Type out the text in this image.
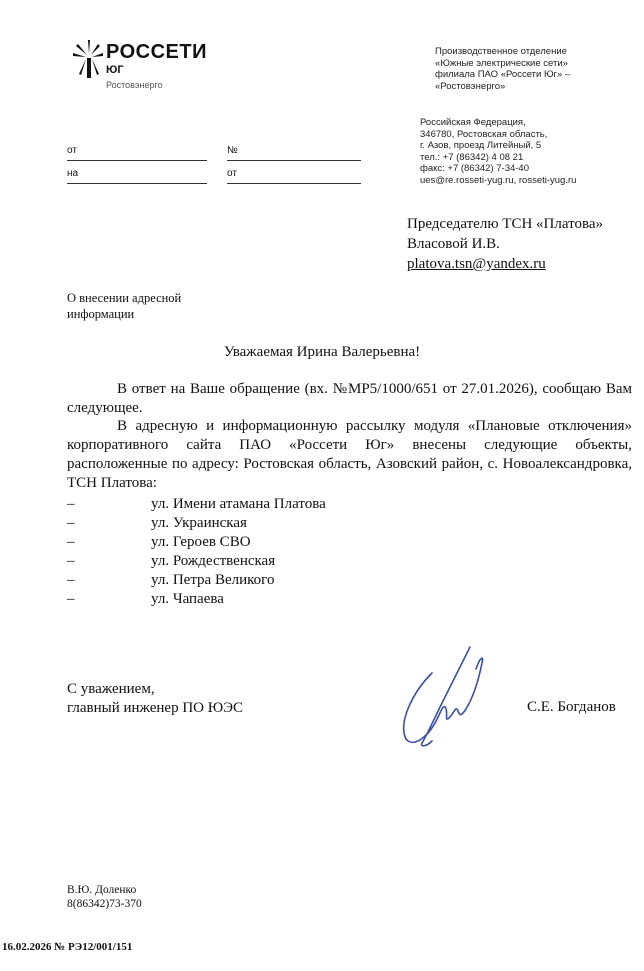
РОССЕТИ
ЮГ
Ростовэнерго
Производственное отделение
«Южные электрические сети»
филиала ПАО «Россети Юг» –
«Ростовэнерго»
Российская Федерация,
346780, Ростовская область,
г. Азов, проезд Литейный, 5
тел.: +7 (86342) 4 08 21
факс: +7 (86342) 7-34-40
ues@re.rosseti-yug.ru, rosseti-yug.ru
от	№
на	от
Председателю ТСН «Платова»
Власовой И.В.
platova.tsn@yandex.ru
О внесении адресной
информации
Уважаемая Ирина Валерьевна!
В ответ на Ваше обращение (вх. №МР5/1000/651 от 27.01.2026), сообщаю Вам следующее.
В адресную и информационную рассылку модуля «Плановые отключения» корпоративного сайта ПАО «Россети Юг» внесены следующие объекты, расположенные по адресу: Ростовская область, Азовский район, с. Новоалександровка, ТСН Платова:
–	ул. Имени атамана Платова
–	ул. Украинская
–	ул. Героев СВО
–	ул. Рождественская
–	ул. Петра Великого
–	ул. Чапаева
С уважением,
главный инженер ПО ЮЭС	С.Е. Богданов
В.Ю. Доленко
8(86342)73-370
16.02.2026 № РЭ12/001/151
